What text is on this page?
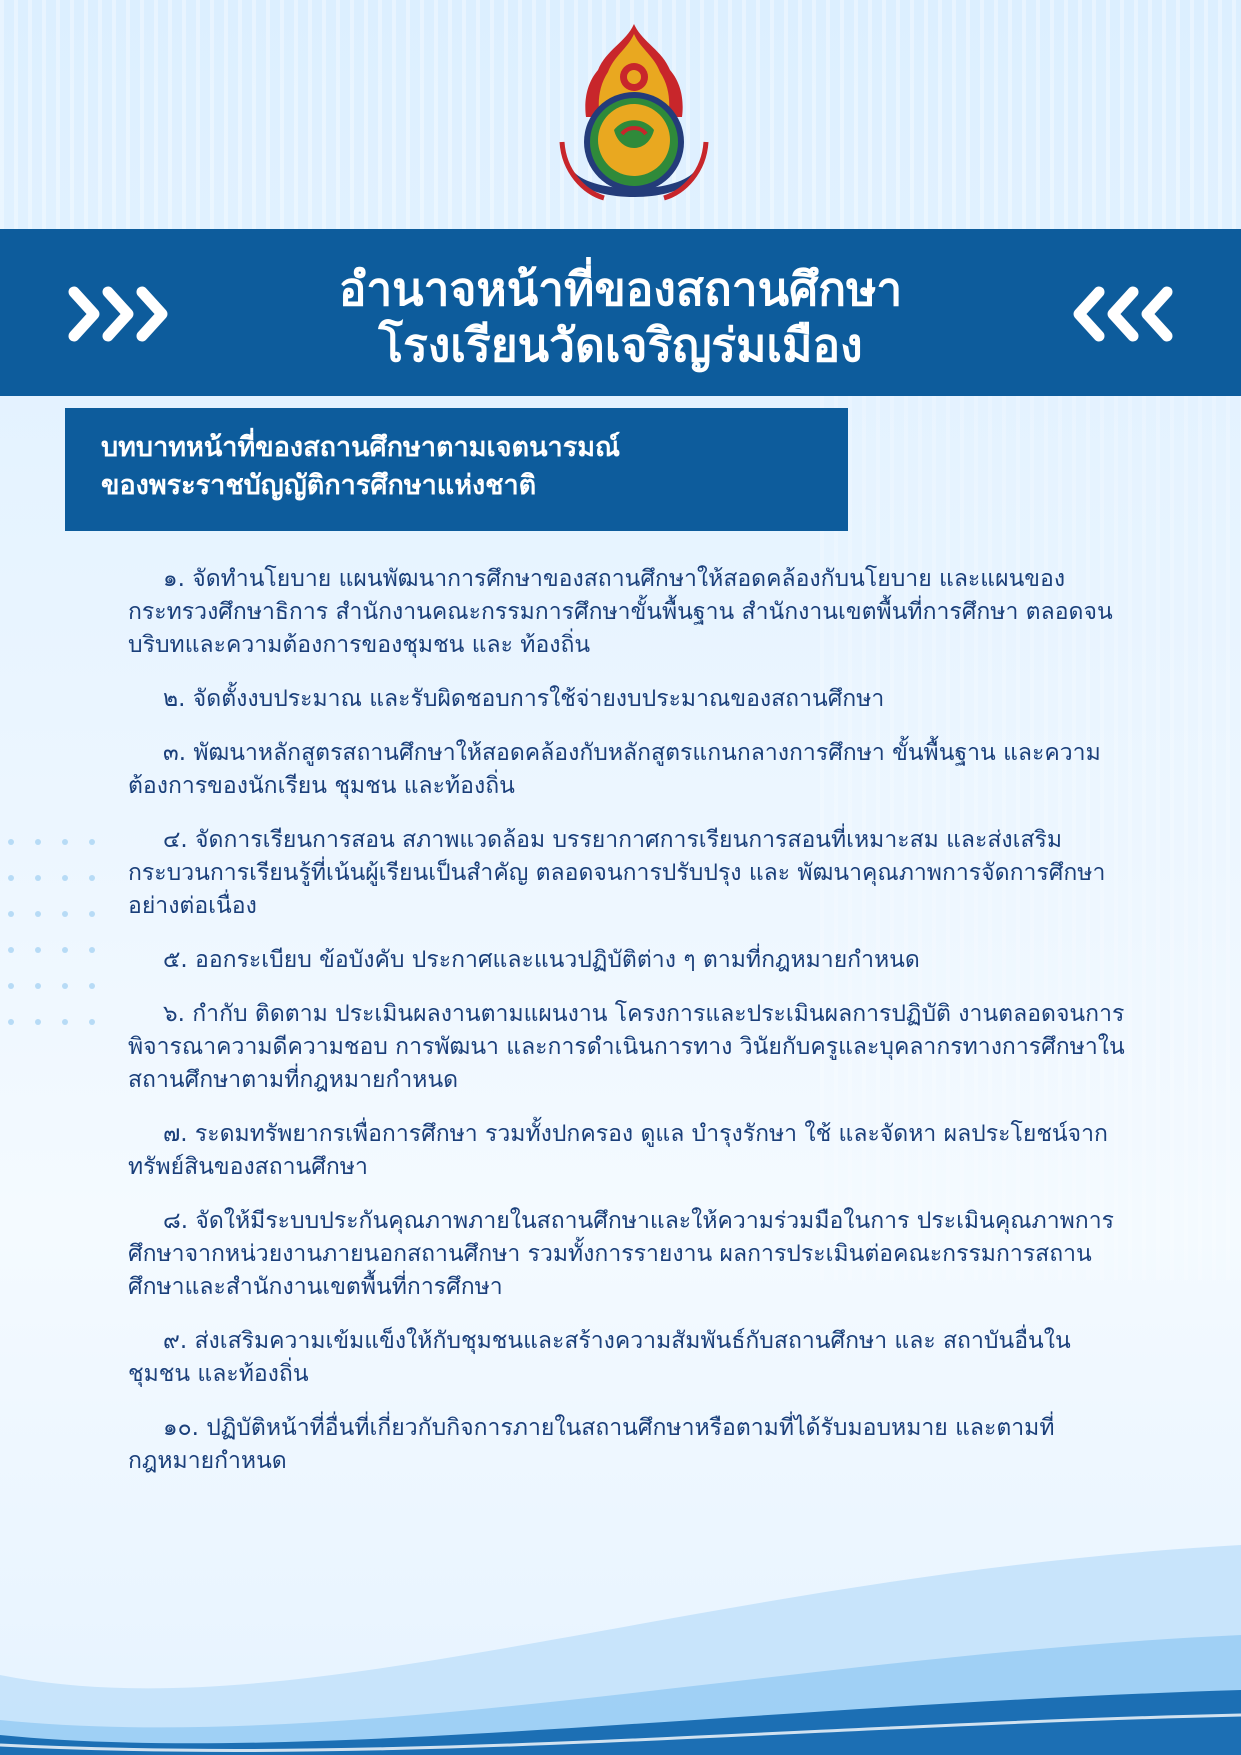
อำนาจหน้าที่ของสถานศึกษา
โรงเรียนวัดเจริญร่มเมือง
บทบาทหน้าที่ของสถานศึกษาตามเจตนารมณ์
ของพระราชบัญญัติการศึกษาแห่งชาติ
๑. จัดทำนโยบาย แผนพัฒนาการศึกษาของสถานศึกษาให้สอดคล้องกับนโยบาย และแผนของกระทรวงศึกษาธิการ สำนักงานคณะกรรมการศึกษาขั้นพื้นฐาน สำนักงานเขตพื้นที่การศึกษา ตลอดจนบริบทและความต้องการของชุมชน และ ท้องถิ่น
๒. จัดตั้งงบประมาณ และรับผิดชอบการใช้จ่ายงบประมาณของสถานศึกษา
๓. พัฒนาหลักสูตรสถานศึกษาให้สอดคล้องกับหลักสูตรแกนกลางการศึกษา ขั้นพื้นฐาน และความต้องการของนักเรียน ชุมชน และท้องถิ่น
๔. จัดการเรียนการสอน สภาพแวดล้อม บรรยากาศการเรียนการสอนที่เหมาะสม และส่งเสริมกระบวนการเรียนรู้ที่เน้นผู้เรียนเป็นสำคัญ ตลอดจนการปรับปรุง และ พัฒนาคุณภาพการจัดการศึกษาอย่างต่อเนื่อง
๕. ออกระเบียบ ข้อบังคับ ประกาศและแนวปฏิบัติต่าง ๆ ตามที่กฎหมายกำหนด
๖. กำกับ ติดตาม ประเมินผลงานตามแผนงาน โครงการและประเมินผลการปฏิบัติ งานตลอดจนการพิจารณาความดีความชอบ การพัฒนา และการดำเนินการทาง วินัยกับครูและบุคลากรทางการศึกษาในสถานศึกษาตามที่กฎหมายกำหนด
๗. ระดมทรัพยากรเพื่อการศึกษา รวมทั้งปกครอง ดูแล บำรุงรักษา ใช้ และจัดหา ผลประโยชน์จากทรัพย์สินของสถานศึกษา
๘. จัดให้มีระบบประกันคุณภาพภายในสถานศึกษาและให้ความร่วมมือในการ ประเมินคุณภาพการศึกษาจากหน่วยงานภายนอกสถานศึกษา รวมทั้งการรายงาน ผลการประเมินต่อคณะกรรมการสถานศึกษาและสำนักงานเขตพื้นที่การศึกษา
๙. ส่งเสริมความเข้มแข็งให้กับชุมชนและสร้างความสัมพันธ์กับสถานศึกษา และ สถาบันอื่นในชุมชน และท้องถิ่น
๑๐. ปฏิบัติหน้าที่อื่นที่เกี่ยวกับกิจการภายในสถานศึกษาหรือตามที่ได้รับมอบหมาย และตามที่กฎหมายกำหนด
